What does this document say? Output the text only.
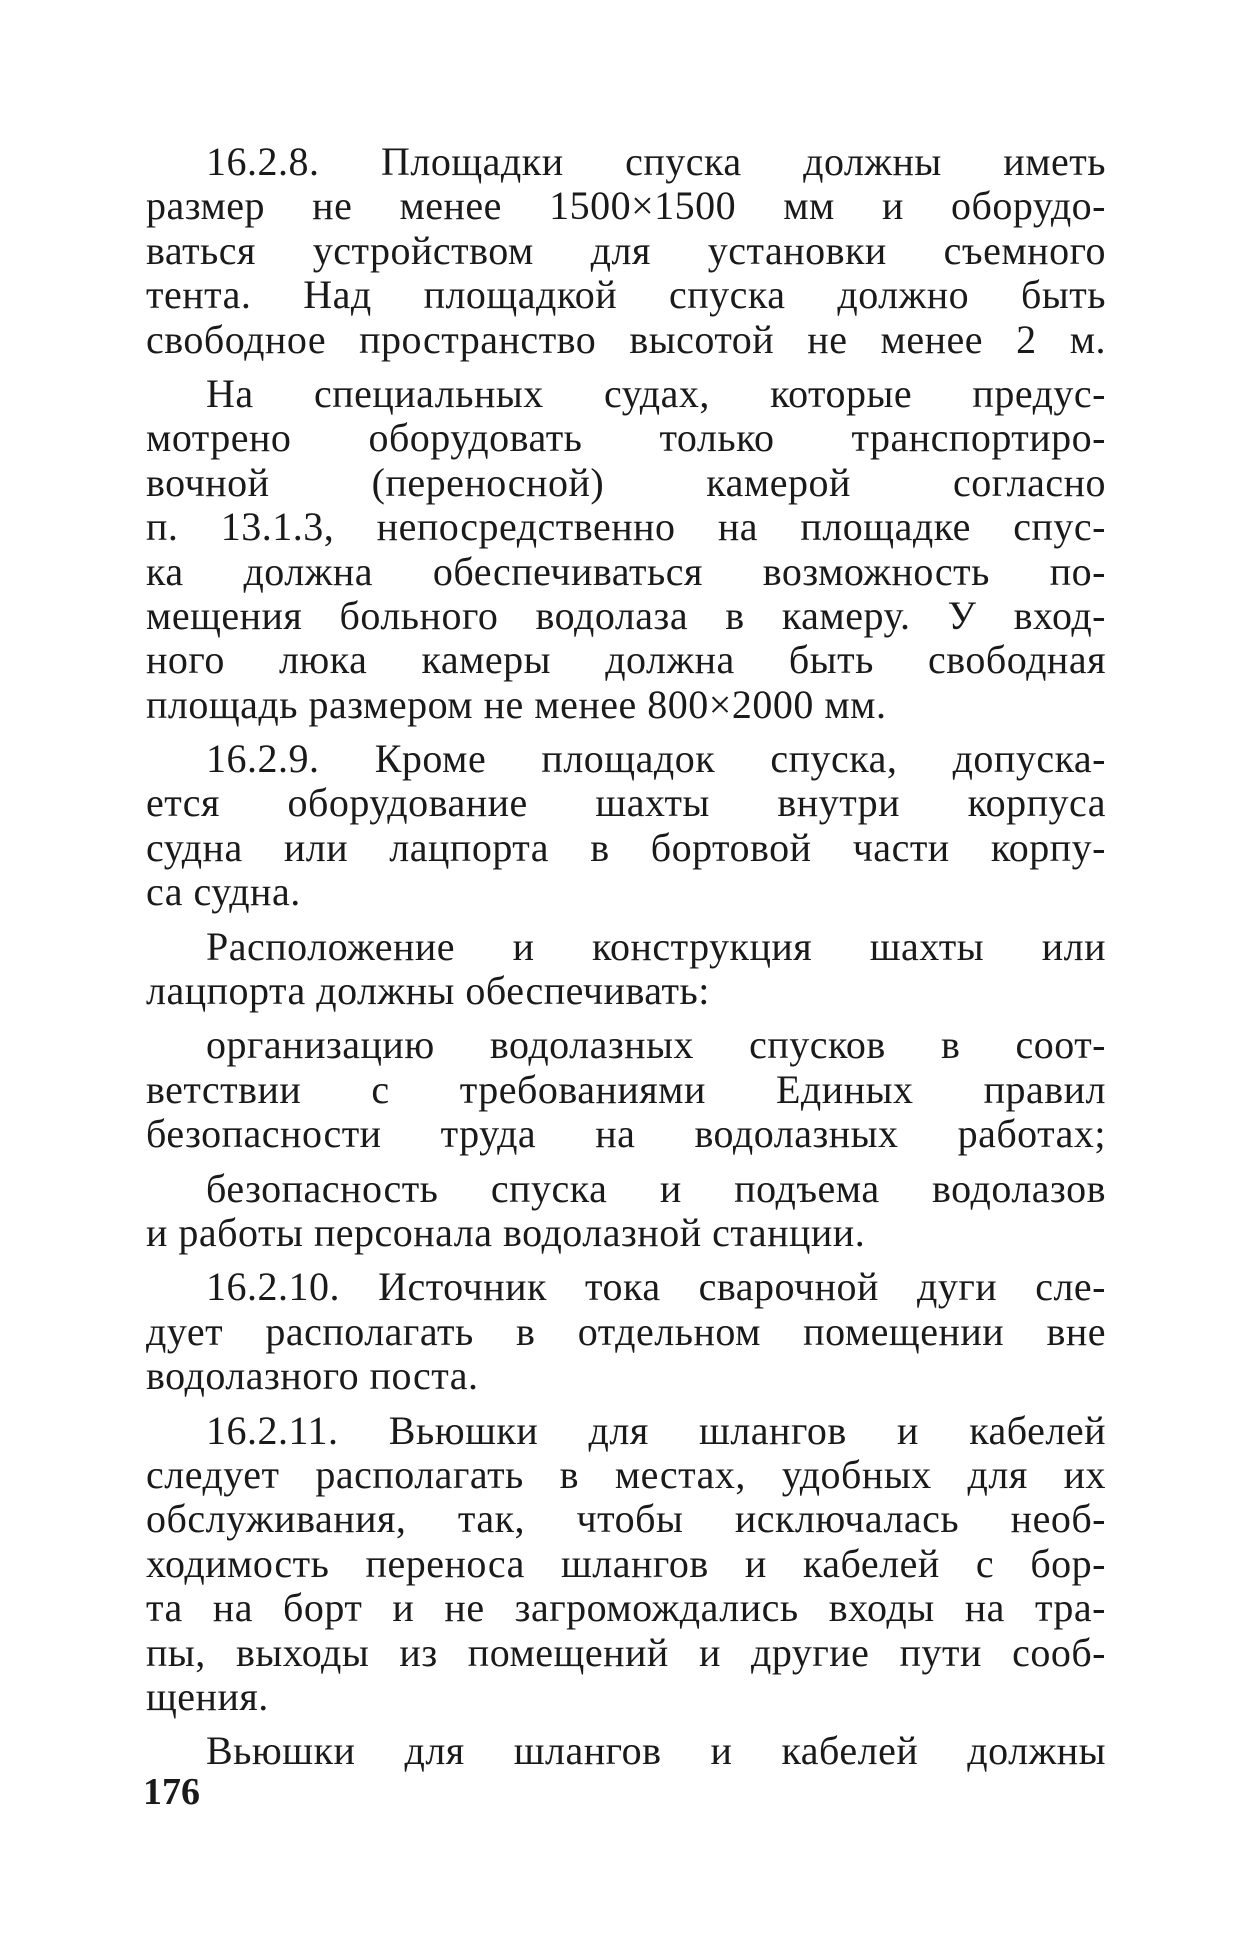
16.2.8. Площадки спуска должны иметь
размер не менее 1500×1500 мм и оборудо-
ваться устройством для установки съемного
тента. Над площадкой спуска должно быть
свободное пространство высотой не менее 2 м.
На специальных судах, которые предус-
мотрено оборудовать только транспортиро-
вочной (переносной) камерой согласно
п. 13.1.3, непосредственно на площадке спус-
ка должна обеспечиваться возможность по-
мещения больного водолаза в камеру. У вход-
ного люка камеры должна быть свободная
площадь размером не менее 800×2000 мм.
16.2.9. Кроме площадок спуска, допуска-
ется оборудование шахты внутри корпуса
судна или лацпорта в бортовой части корпу-
са судна.
Расположение и конструкция шахты или
лацпорта должны обеспечивать:
организацию водолазных спусков в соот-
ветствии с требованиями Единых правил
безопасности труда на водолазных работах;
безопасность спуска и подъема водолазов
и работы персонала водолазной станции.
16.2.10. Источник тока сварочной дуги сле-
дует располагать в отдельном помещении вне
водолазного поста.
16.2.11. Вьюшки для шлангов и кабелей
следует располагать в местах, удобных для их
обслуживания, так, чтобы исключалась необ-
ходимость переноса шлангов и кабелей с бор-
та на борт и не загромождались входы на тра-
пы, выходы из помещений и другие пути сооб-
щения.
Вьюшки для шлангов и кабелей должны
176
